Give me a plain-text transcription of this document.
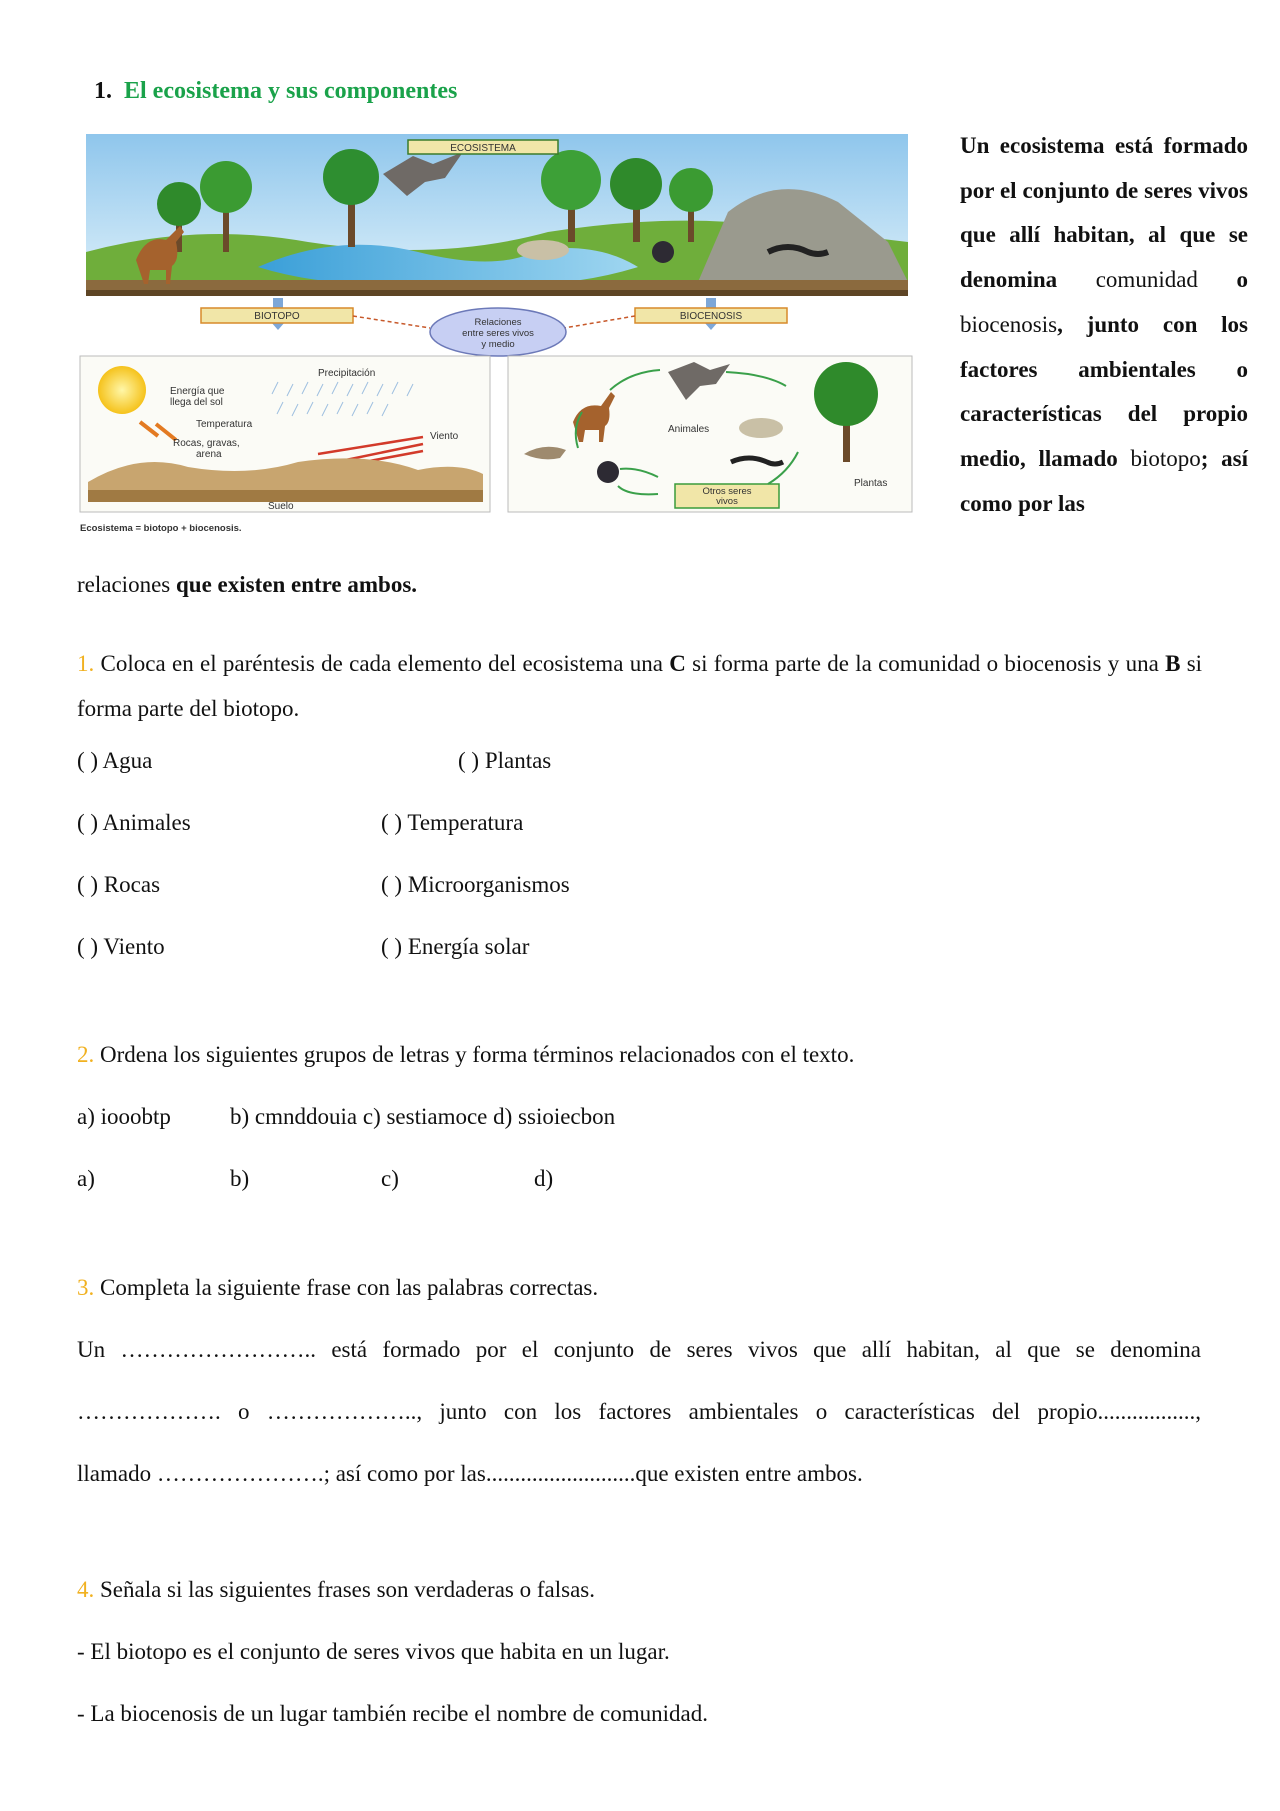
1. El ecosistema y sus componentes
ECOSISTEMA
BIOTOPO	BIOCENOSIS
Relaciones
entre seres vivos
y medio
Energía que
llega del sol
Precipitación
Temperatura
Rocas, gravas,
arena
Viento
Suelo
Animales
Plantas
Otros seres
vivos
Ecosistema = biotopo + biocenosis.
Un ecosistema está formado por el conjunto de seres vivos que allí habitan, al que se denomina comunidad o biocenosis, junto con los factores ambientales o características del propio medio, llamado biotopo; así como por las
relaciones que existen entre ambos.
1. Coloca en el paréntesis de cada elemento del ecosistema una C si forma parte de la comunidad o biocenosis y una B si forma parte del biotopo.
( ) Agua	( ) Plantas
( ) Animales	( ) Temperatura
( ) Rocas	( ) Microorganismos
( ) Viento	( ) Energía solar
2. Ordena los siguientes grupos de letras y forma términos relacionados con el texto.
a) iooobtp	b) cmnddouia c) sestiamoce d) ssioiecbon
a)	b)	c)	d)
3. Completa la siguiente frase con las palabras correctas.
Un …………………….. está formado por el conjunto de seres vivos que allí habitan, al que se denomina
………………. o ……………….., junto con los factores ambientales o características del propio.................,
llamado ………………….; así como por las..........................que existen entre ambos.
4. Señala si las siguientes frases son verdaderas o falsas.
- El biotopo es el conjunto de seres vivos que habita en un lugar.
- La biocenosis de un lugar también recibe el nombre de comunidad.
